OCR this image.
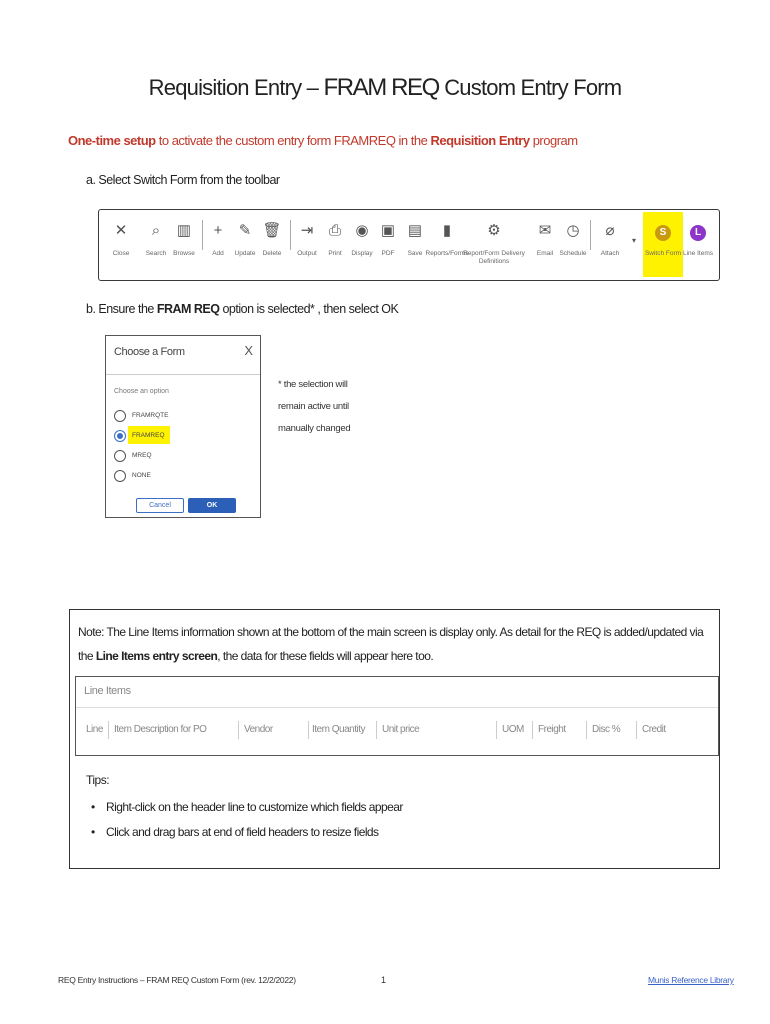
Requisition Entry – FRAM REQ Custom Entry Form
One-time setup to activate the custom entry form FRAMREQ in the Requisition Entry program
a. Select Switch Form from the toolbar
✕
Close
⌕
Search
▥
Browse
+
Add
✎
Update
🗑
Delete
⇥
Output
⎙
Print
◉
Display
▣
PDF
▤
Save
▮
Reports/Forms
⚙
Report/Form Delivery Definitions
✉
Email
◷
Schedule
⌀
Attach
▾
S
Switch Form
L
Line Items
b. Ensure the FRAM REQ option is selected* , then select OK
Choose a Form	X
Choose an option
FRAMRQTE
FRAMREQ
MREQ
NONE
Cancel	OK
* the selection will remain active until manually changed
Note: The Line Items information shown at the bottom of the main screen is display only. As detail for the REQ is added/updated via the Line Items entry screen, the data for these fields will appear here too.
Line Items
Line Item Description for PO	Vendor	Item Quantity Unit price	UOM Freight	Disc % Credit
Tips:
• Right-click on the header line to customize which fields appear
• Click and drag bars at end of field headers to resize fields
REQ Entry Instructions – FRAM REQ Custom Form (rev. 12/2/2022)	1	Munis Reference Library
